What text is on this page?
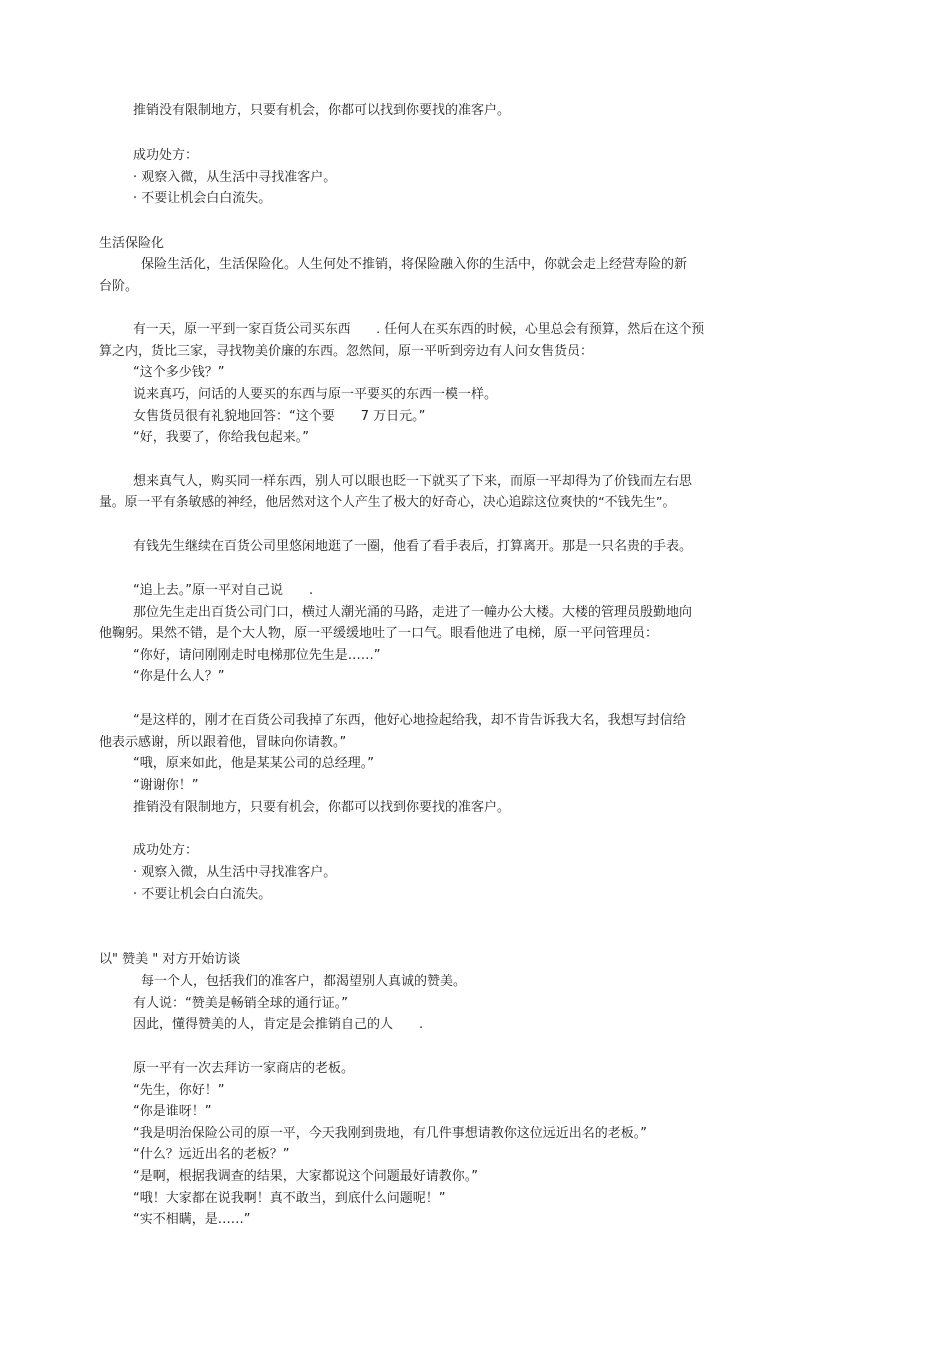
推销没有限制地方，只要有机会，你都可以找到你要找的准客户。

成功处方：

· 观察入微，从生活中寻找准客户。

· 不要让机会白白流失。

生活保险化

保险生活化，生活保险化。人生何处不推销，将保险融入你的生活中，你就会走上经营寿险的新

台阶。

有一天，原一平到一家百货公司买东西　　. 任何人在买东西的时候，心里总会有预算，然后在这个预

算之内，货比三家，寻找物美价廉的东西。忽然间，原一平听到旁边有人问女售货员：

“这个多少钱？”

说来真巧，问话的人要买的东西与原一平要买的东西一模一样。

女售货员很有礼貌地回答：“这个要　　7 万日元。”

“好，我要了，你给我包起来。”

想来真气人，购买同一样东西，别人可以眼也眨一下就买了下来，而原一平却得为了价钱而左右思

量。原一平有条敏感的神经，他居然对这个人产生了极大的好奇心，决心追踪这位爽快的“不钱先生”。

有钱先生继续在百货公司里悠闲地逛了一圈，他看了看手表后，打算离开。那是一只名贵的手表。

“追上去。”原一平对自己说　　.

那位先生走出百货公司门口，横过人潮光涌的马路，走进了一幢办公大楼。大楼的管理员殷勤地向

他鞠躬。果然不错，是个大人物，原一平缓缓地吐了一口气。眼看他进了电梯，原一平问管理员：

“你好，请问刚刚走时电梯那位先生是……”

“你是什么人？”

“是这样的，刚才在百货公司我掉了东西，他好心地捡起给我，却不肯告诉我大名，我想写封信给

他表示感谢，所以跟着他，冒昧向你请教。”

“哦，原来如此，他是某某公司的总经理。”

“谢谢你！”

推销没有限制地方，只要有机会，你都可以找到你要找的准客户。

成功处方：

· 观察入微，从生活中寻找准客户。

· 不要让机会白白流失。

以" 赞美 " 对方开始访谈

每一个人，包括我们的准客户，都渴望别人真诚的赞美。

有人说：“赞美是畅销全球的通行证。”

因此，懂得赞美的人，肯定是会推销自己的人　　.

原一平有一次去拜访一家商店的老板。

“先生，你好！”

“你是谁呀！”

“我是明治保险公司的原一平，今天我刚到贵地，有几件事想请教你这位远近出名的老板。”

“什么？远近出名的老板？”

“是啊，根据我调查的结果，大家都说这个问题最好请教你。”

“哦！大家都在说我啊！真不敢当，到底什么问题呢！”

“实不相瞒，是……”
